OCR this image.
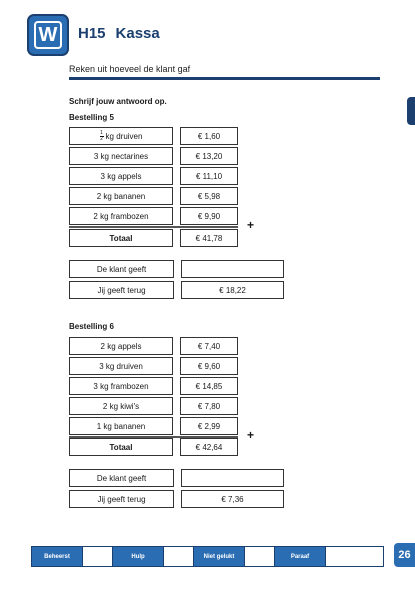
W	H15 Kassa
Reken uit hoeveel de klant gaf
Schrijf jouw antwoord op.
Bestelling 5
$\frac{1}{2}$ kg druiven	€ 1,60
3 kg nectarines	€ 13,20
3 kg appels	€ 11,10
2 kg bananen	€ 5,98
2 kg frambozen	€ 9,90
+
Totaal	€ 41,78
De klant geeft
Jij geeft terug	€ 18,22
Bestelling 6
2 kg appels	€ 7,40
3 kg druiven	€ 9,60
3 kg frambozen	€ 14,85
2 kg kiwi's	€ 7,80
1 kg bananen	€ 2,99
+
Totaal	€ 42,64
De klant geeft
Jij geeft terug	€ 7,36
Beheerst	Hulp	Niet gelukt	Paraaf	26
